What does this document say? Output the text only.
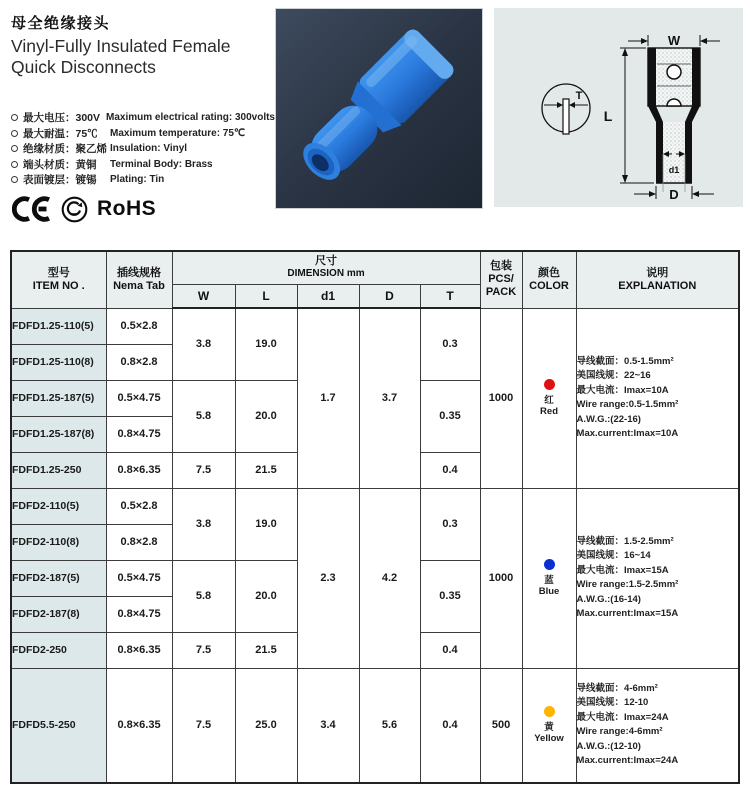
母全绝缘接头
Vinyl-Fully Insulated Female
Quick Disconnects
最大电压：300V Maximum electrical rating: 300volts
最大耐温：75℃	Maximum temperature: 75℃
绝缘材质：聚乙烯 Insulation: Vinyl
端头材质：黄铜	Terminal Body: Brass
表面镀层：镀锡	Plating: Tin
RoHS
W
d1
L
D
T
型号
ITEM NO .

插线规格
Nema Tab

尺寸
DIMENSION mm

包装
PCS/
PACK

颜色
COLOR

说明
EXPLANATION

		W	L	d1	D	T			
FDFD1.25-110(5)	0.5×2.8	3.8	19.0	1.7	3.7	0.3	1000	红
Red

导线截面：0.5-1.5mm²
美国线规：22~16
最大电流：Imax=10A
Wire range:0.5-1.5mm²
A.W.G.:(22-16)
Max.current:Imax=10A

FDFD1.25-110(8)	0.8×2.8								
FDFD1.25-187(5)	0.5×4.75	5.8	20.0			0.35			
FDFD1.25-187(8)	0.8×4.75								
FDFD1.25-250	0.8×6.35	7.5	21.5			0.4			
FDFD2-110(5)	0.5×2.8	3.8	19.0	2.3	4.2	0.3	1000	蓝
Blue

导线截面：1.5-2.5mm²
美国线规：16~14
最大电流：Imax=15A
Wire range:1.5-2.5mm²
A.W.G.:(16-14)
Max.current:Imax=15A

FDFD2-110(8)	0.8×2.8								
FDFD2-187(5)	0.5×4.75	5.8	20.0			0.35			
FDFD2-187(8)	0.8×4.75								
FDFD2-250	0.8×6.35	7.5	21.5			0.4			
FDFD5.5-250	0.8×6.35	7.5	25.0	3.4	5.6	0.4	500	黄
Yellow

导线截面：4-6mm²
美国线规：12-10
最大电流：Imax=24A
Wire range:4-6mm²
A.W.G.:(12-10)
Max.current:Imax=24A
